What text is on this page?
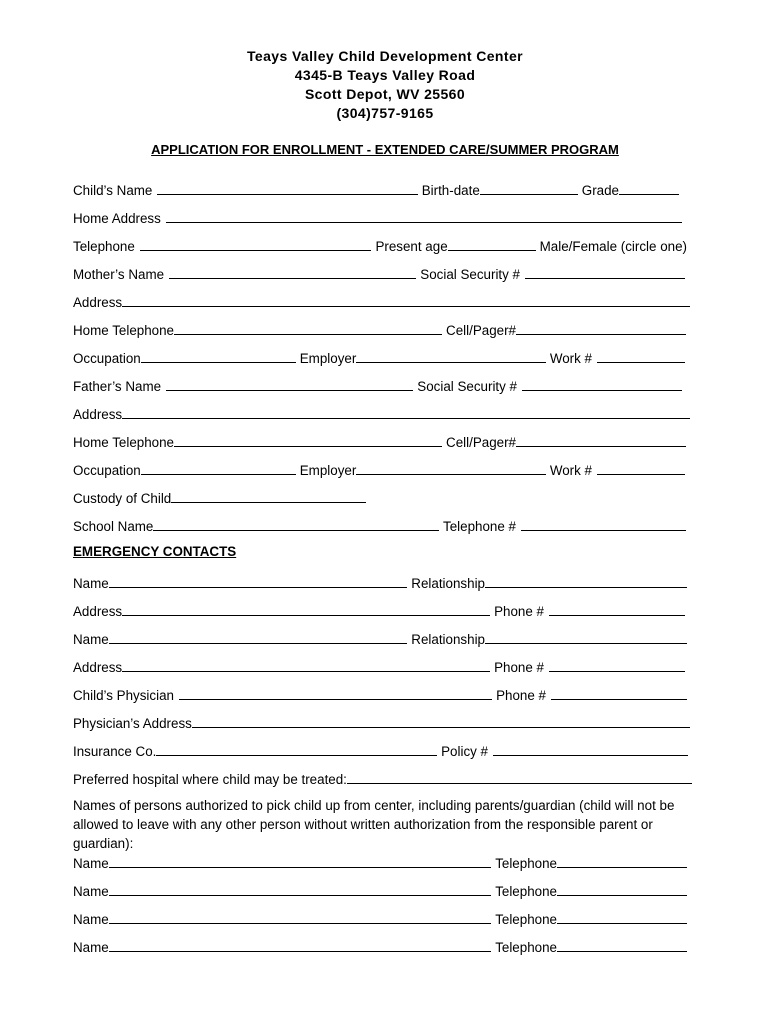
Teays Valley Child Development Center
4345-B Teays Valley Road
Scott Depot, WV 25560
(304)757-9165
APPLICATION FOR ENROLLMENT - EXTENDED CARE/SUMMER PROGRAM
Child’s Name	Birth-date	Grade
Home Address
Telephone	Present age	Male/Female (circle one)
Mother’s Name	Social Security #
Address
Home Telephone	Cell/Pager#
Occupation	Employer	Work #
Father’s Name	Social Security #
Address
Home Telephone	Cell/Pager#
Occupation	Employer	Work #
Custody of Child
School Name	Telephone #
EMERGENCY CONTACTS
Name	Relationship
Address	Phone #
Name	Relationship
Address	Phone #
Child’s Physician	Phone #
Physician’s Address
Insurance Co.	Policy #
Preferred hospital where child may be treated:
Names of persons authorized to pick child up from center, including parents/guardian (child will not be allowed to leave with any other person without written authorization from the responsible parent or guardian):
Name	Telephone
Name	Telephone
Name	Telephone
Name	Telephone
